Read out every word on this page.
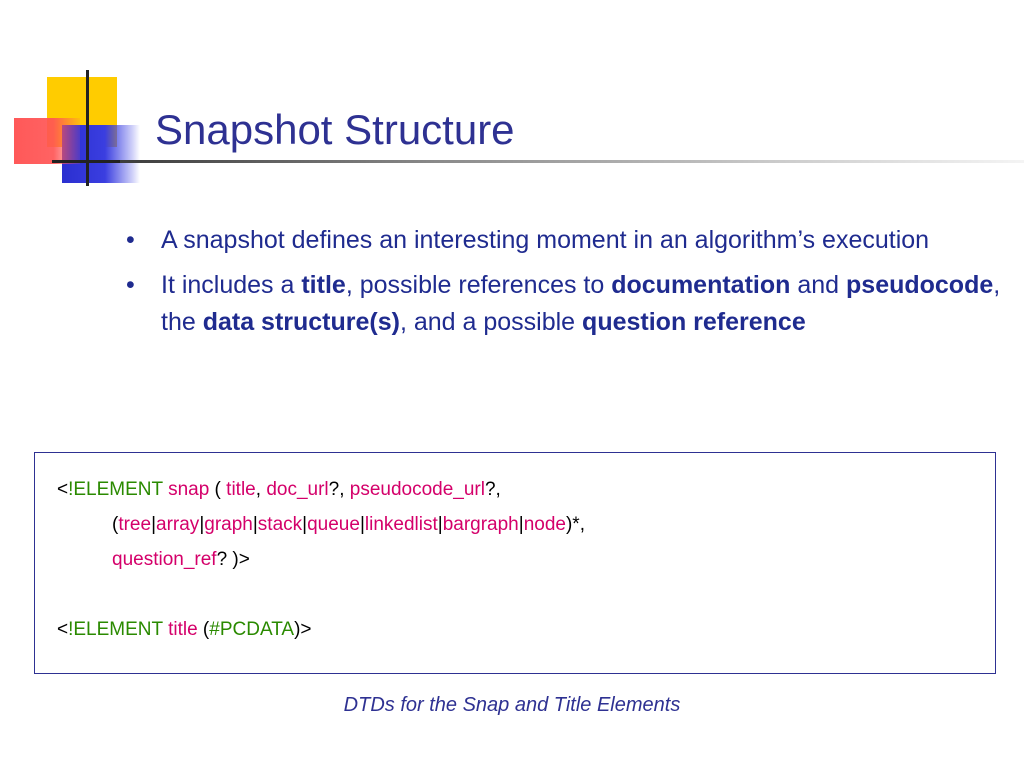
Snapshot Structure
• A snapshot defines an interesting moment in an algorithm’s execution
• It includes a title, possible references to documentation and pseudocode, the data structure(s), and a possible question reference
<!ELEMENT snap ( title, doc_url?, pseudocode_url?,
(tree|array|graph|stack|queue|linkedlist|bargraph|node)*,
question_ref? )>
<!ELEMENT title (#PCDATA)>
DTDs for the Snap and Title Elements
